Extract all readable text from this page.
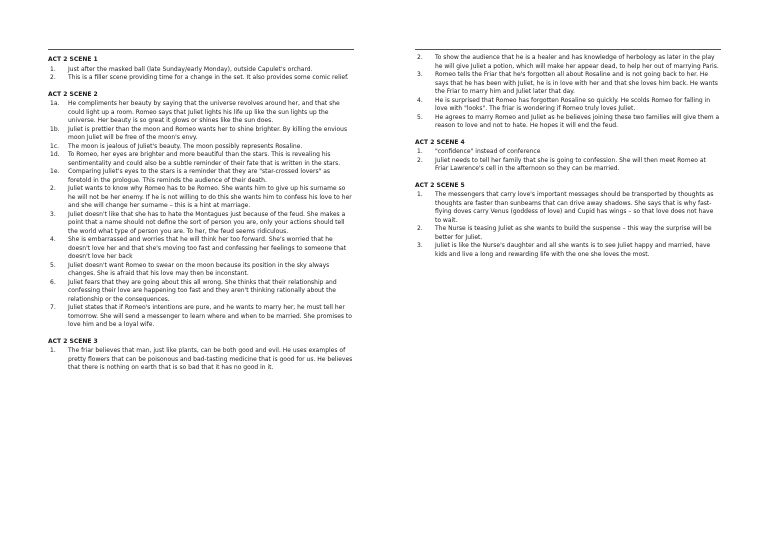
ACT 2 SCENE 1
1.	Just after the masked ball (late Sunday/early Monday), outside Capulet's orchard.
2.	This is a filler scene providing time for a change in the set. It also provides some comic relief.
ACT 2 SCENE 2
1a.	He compliments her beauty by saying that the universe revolves around her, and that she could light up a room. Romeo says that Juliet lights his life up like the sun lights up the universe. Her beauty is so great it glows or shines like the sun does.
1b.	Juliet is prettier than the moon and Romeo wants her to shine brighter. By killing the envious moon Juliet will be free of the moon's envy.
1c.	The moon is jealous of Juliet's beauty. The moon possibly represents Rosaline.
1d.	To Romeo, her eyes are brighter and more beautiful than the stars. This is revealing his sentimentality and could also be a subtle reminder of their fate that is written in the stars.
1e.	Comparing Juliet's eyes to the stars is a reminder that they are "star-crossed lovers" as foretold in the prologue. This reminds the audience of their death.
2.	Juliet wants to know why Romeo has to be Romeo. She wants him to give up his surname so he will not be her enemy. If he is not willing to do this she wants him to confess his love to her and she will change her surname – this is a hint at marriage.
3.	Juliet doesn't like that she has to hate the Montagues just because of the feud. She makes a point that a name should not define the sort of person you are, only your actions should tell the world what type of person you are. To her, the feud seems ridiculous.
4.	She is embarrassed and worries that he will think her too forward. She's worried that he doesn't love her and that she's moving too fast and confessing her feelings to someone that doesn't love her back
5.	Juliet doesn't want Romeo to swear on the moon because its position in the sky always changes. She is afraid that his love may then be inconstant.
6.	Juliet fears that they are going about this all wrong. She thinks that their relationship and confessing their love are happening too fast and they aren't thinking rationally about the relationship or the consequences.
7.	Juliet states that if Romeo's intentions are pure, and he wants to marry her, he must tell her tomorrow. She will send a messenger to learn where and when to be married. She promises to love him and be a loyal wife.
ACT 2 SCENE 3
1.	The friar believes that man, just like plants, can be both good and evil. He uses examples of pretty flowers that can be poisonous and bad-tasting medicine that is good for us. He believes that there is nothing on earth that is so bad that it has no good in it.
2.	To show the audience that he is a healer and has knowledge of herbology as later in the play he will give Juliet a potion, which will make her appear dead, to help her out of marrying Paris.
3.	Romeo tells the Friar that he's forgotten all about Rosaline and is not going back to her. He says that he has been with Juliet, he is in love with her and that she loves him back. He wants the Friar to marry him and Juliet later that day.
4.	He is surprised that Romeo has forgotten Rosaline so quickly. He scolds Romeo for falling in love with "looks". The friar is wondering if Romeo truly loves Juliet.
5.	He agrees to marry Romeo and Juliet as he believes joining these two families will give them a reason to love and not to hate. He hopes it will end the feud.
ACT 2 SCENE 4
1.	"confidence" instead of conference
2.	Juliet needs to tell her family that she is going to confession. She will then meet Romeo at Friar Lawrence's cell in the afternoon so they can be married.
ACT 2 SCENE 5
1.	The messengers that carry love's important messages should be transported by thoughts as thoughts are faster than sunbeams that can drive away shadows. She says that is why fast-flying doves carry Venus (goddess of love) and Cupid has wings – so that love does not have to wait.
2.	The Nurse is teasing Juliet as she wants to build the suspense – this way the surprise will be better for Juliet.
3.	Juliet is like the Nurse's daughter and all she wants is to see Juliet happy and married, have kids and live a long and rewarding life with the one she loves the most.
